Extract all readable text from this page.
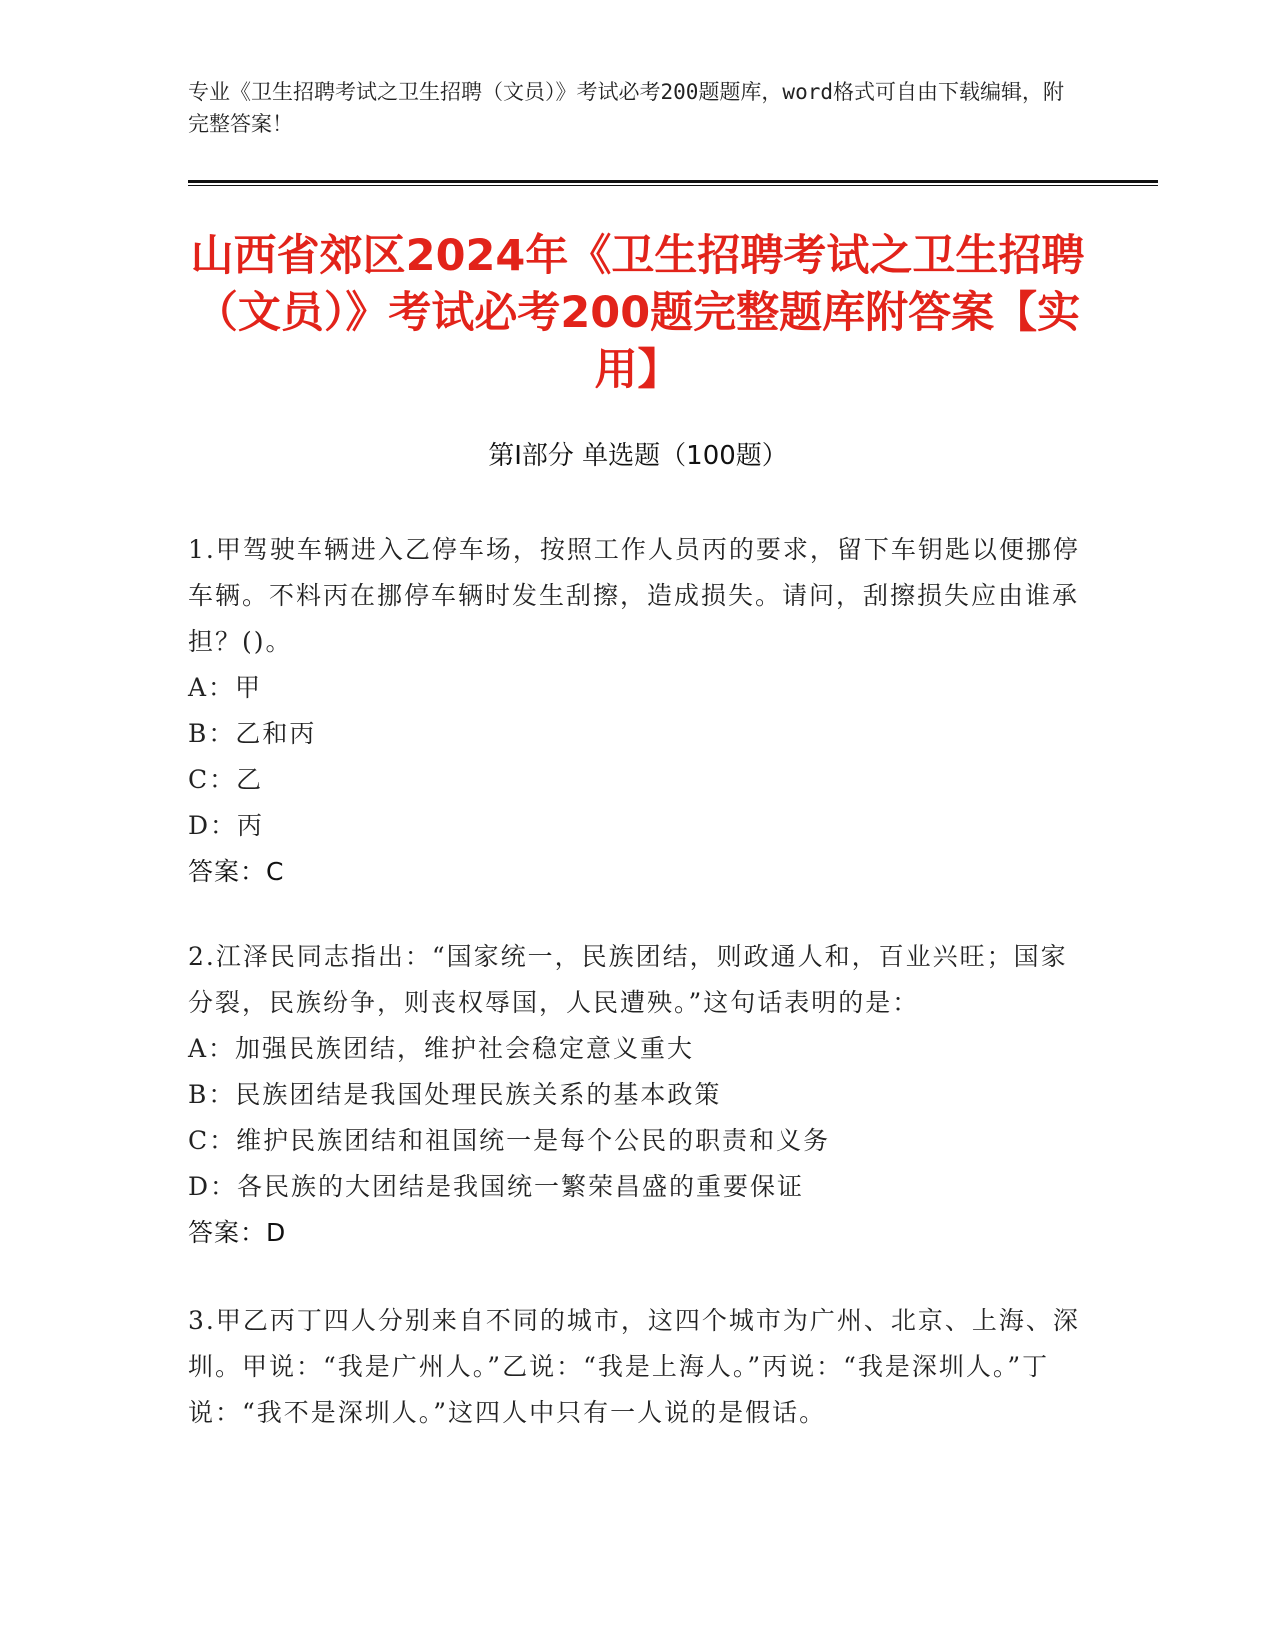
专业《卫生招聘考试之卫生招聘（文员）》考试必考200题题库，word格式可自由下载编辑，附完整答案！
山西省郊区2024年《卫生招聘考试之卫生招聘（文员）》考试必考200题完整题库附答案【实用】
第Ⅰ部分 单选题（100题）
1.甲驾驶车辆进入乙停车场，按照工作人员丙的要求，留下车钥匙以便挪停车辆。不料丙在挪停车辆时发生刮擦，造成损失。请问，刮擦损失应由谁承担？()。
A：甲
B：乙和丙
C：乙
D：丙
答案：C
2.江泽民同志指出：“国家统一，民族团结，则政通人和，百业兴旺；国家分裂，民族纷争，则丧权辱国，人民遭殃。”这句话表明的是：
A：加强民族团结，维护社会稳定意义重大
B：民族团结是我国处理民族关系的基本政策
C：维护民族团结和祖国统一是每个公民的职责和义务
D：各民族的大团结是我国统一繁荣昌盛的重要保证
答案：D
3.甲乙丙丁四人分别来自不同的城市，这四个城市为广州、北京、上海、深圳。甲说：“我是广州人。”乙说：“我是上海人。”丙说：“我是深圳人。”丁说：“我不是深圳人。”这四人中只有一人说的是假话。
